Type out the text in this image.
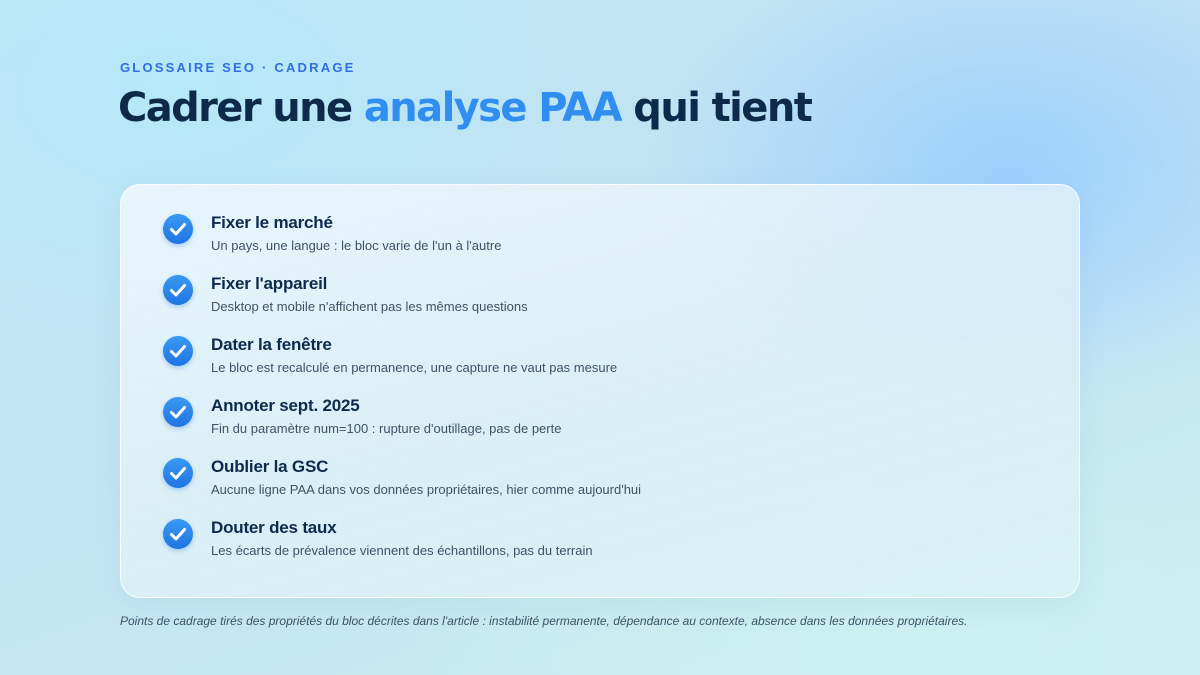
GLOSSAIRE SEO · CADRAGE
Cadrer une analyse PAA qui tient
Fixer le marché
Un pays, une langue : le bloc varie de l'un à l'autre
Fixer l'appareil
Desktop et mobile n'affichent pas les mêmes questions
Dater la fenêtre
Le bloc est recalculé en permanence, une capture ne vaut pas mesure
Annoter sept. 2025
Fin du paramètre num=100 : rupture d'outillage, pas de perte
Oublier la GSC
Aucune ligne PAA dans vos données propriétaires, hier comme aujourd'hui
Douter des taux
Les écarts de prévalence viennent des échantillons, pas du terrain
Points de cadrage tirés des propriétés du bloc décrites dans l'article : instabilité permanente, dépendance au contexte, absence dans les données propriétaires.
